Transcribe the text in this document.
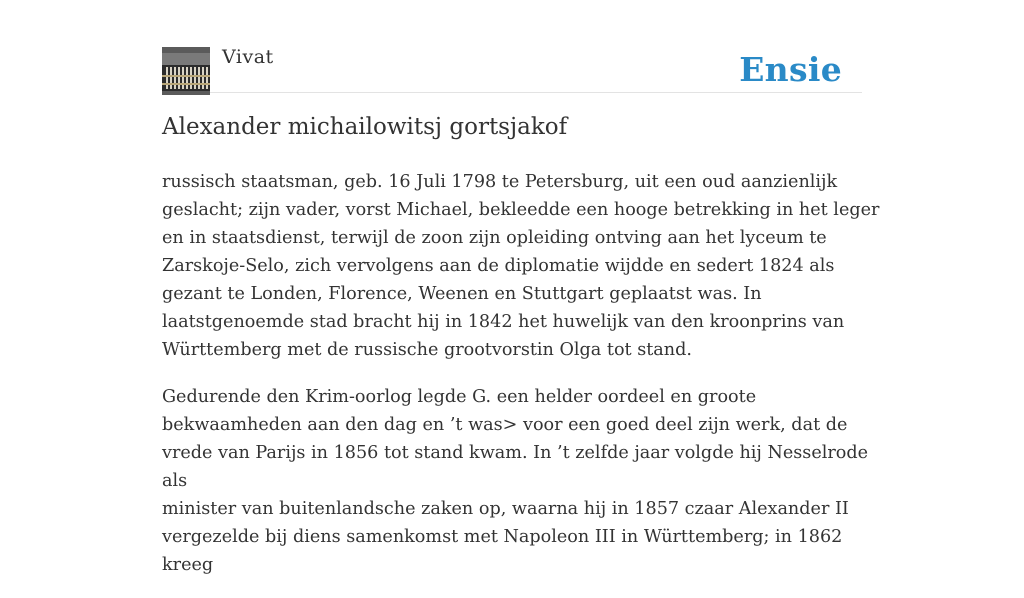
Vivat	Ensie
Alexander michailowitsj gortsjakof

russisch staatsman, geb. 16 Juli 1798 te Petersburg, uit een oud aanzienlijk
geslacht; zijn vader, vorst Michael, bekleedde een hooge betrekking in het leger
en in staatsdienst, terwijl de zoon zijn opleiding ontving aan het lyceum te
Zarskoje-Selo, zich vervolgens aan de diplomatie wijdde en sedert 1824 als
gezant te Londen, Florence, Weenen en Stuttgart geplaatst was. In
laatstgenoemde stad bracht hij in 1842 het huwelijk van den kroonprins van
Württemberg met de russische grootvorstin Olga tot stand.

Gedurende den Krim-oorlog legde G. een helder oordeel en groote
bekwaamheden aan den dag en ’t was> voor een goed deel zijn werk, dat de
vrede van Parijs in 1856 tot stand kwam. In ’t zelfde jaar volgde hij Nesselrode als
minister van buitenlandsche zaken op, waarna hij in 1857 czaar Alexander II
vergezelde bij diens samenkomst met Napoleon III in Württemberg; in 1862 kreeg
